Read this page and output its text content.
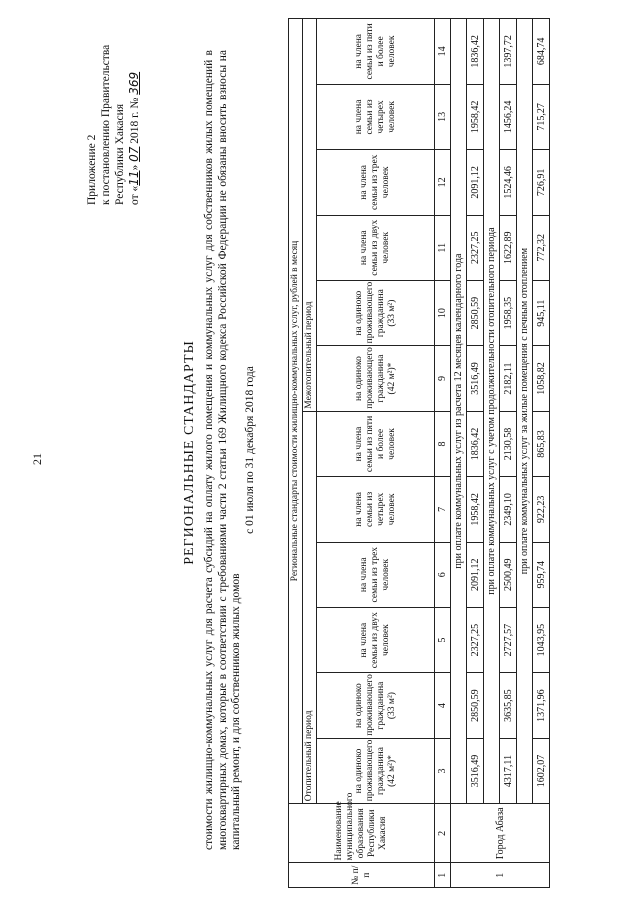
21
Приложение 2 к постановлению Правительства Республики Хакасия от «11» 07 2018 г. № 369
РЕГИОНАЛЬНЫЕ СТАНДАРТЫ стоимости жилищно-коммунальных услуг для расчета субсидий на оплату жилого помещения и коммунальных услуг для собственников жилых помещений в многоквартирных домах, которые в соответствии с требованиями части 2 статьи 169 Жилищного кодекса Российской Федерации не обязаны вносить взносы на капитальный ремонт, и для собственников жилых домов
с 01 июля по 31 декабря 2018 года
№ п/п	Наименование муниципального образования Республики Хакасия	Региональные стандарты стоимости жилищно-коммунальных услуг, рублей в месяц											
		Отопительный период						Межотопительный период					
		на одиноко проживающего гражданина (42 м²)*	на одиноко проживающего гражданина (33 м²)	на члена семьи из двух человек	на члена семьи из трех человек	на члена семьи из четырех человек	на члена семьи из пяти и более человек	на одиноко проживающего гражданина (42 м²)*	на одиноко проживающего гражданина (33 м²)	на члена семьи из двух человек	на члена семьи из трех человек	на члена семьи из четырех человек	на члена семьи из пяти и более человек
1	2	3	4	5	6	7	8	9	10	11	12	13	14
1	Город Абаза	при оплате коммунальных услуг из расчета 12 месяцев календарного года											
		3516,49	2850,59	2327,25	2091,12	1958,42	1836,42	3516,49	2850,59	2327,25	2091,12	1958,42	1836,42
		при оплате коммунальных услуг с учетом продолжительности отопительного периода											
		4317,11	3635,85	2727,57	2500,49	2349,10	2130,58	2182,11	1958,35	1622,89	1524,46	1456,24	1397,72
		при оплате коммунальных услуг за жилые помещения с печным отоплением											
		1602,07	1371,96	1043,95	959,74	922,23	865,83	1058,82	945,11	772,32	726,91	715,27	684,74
